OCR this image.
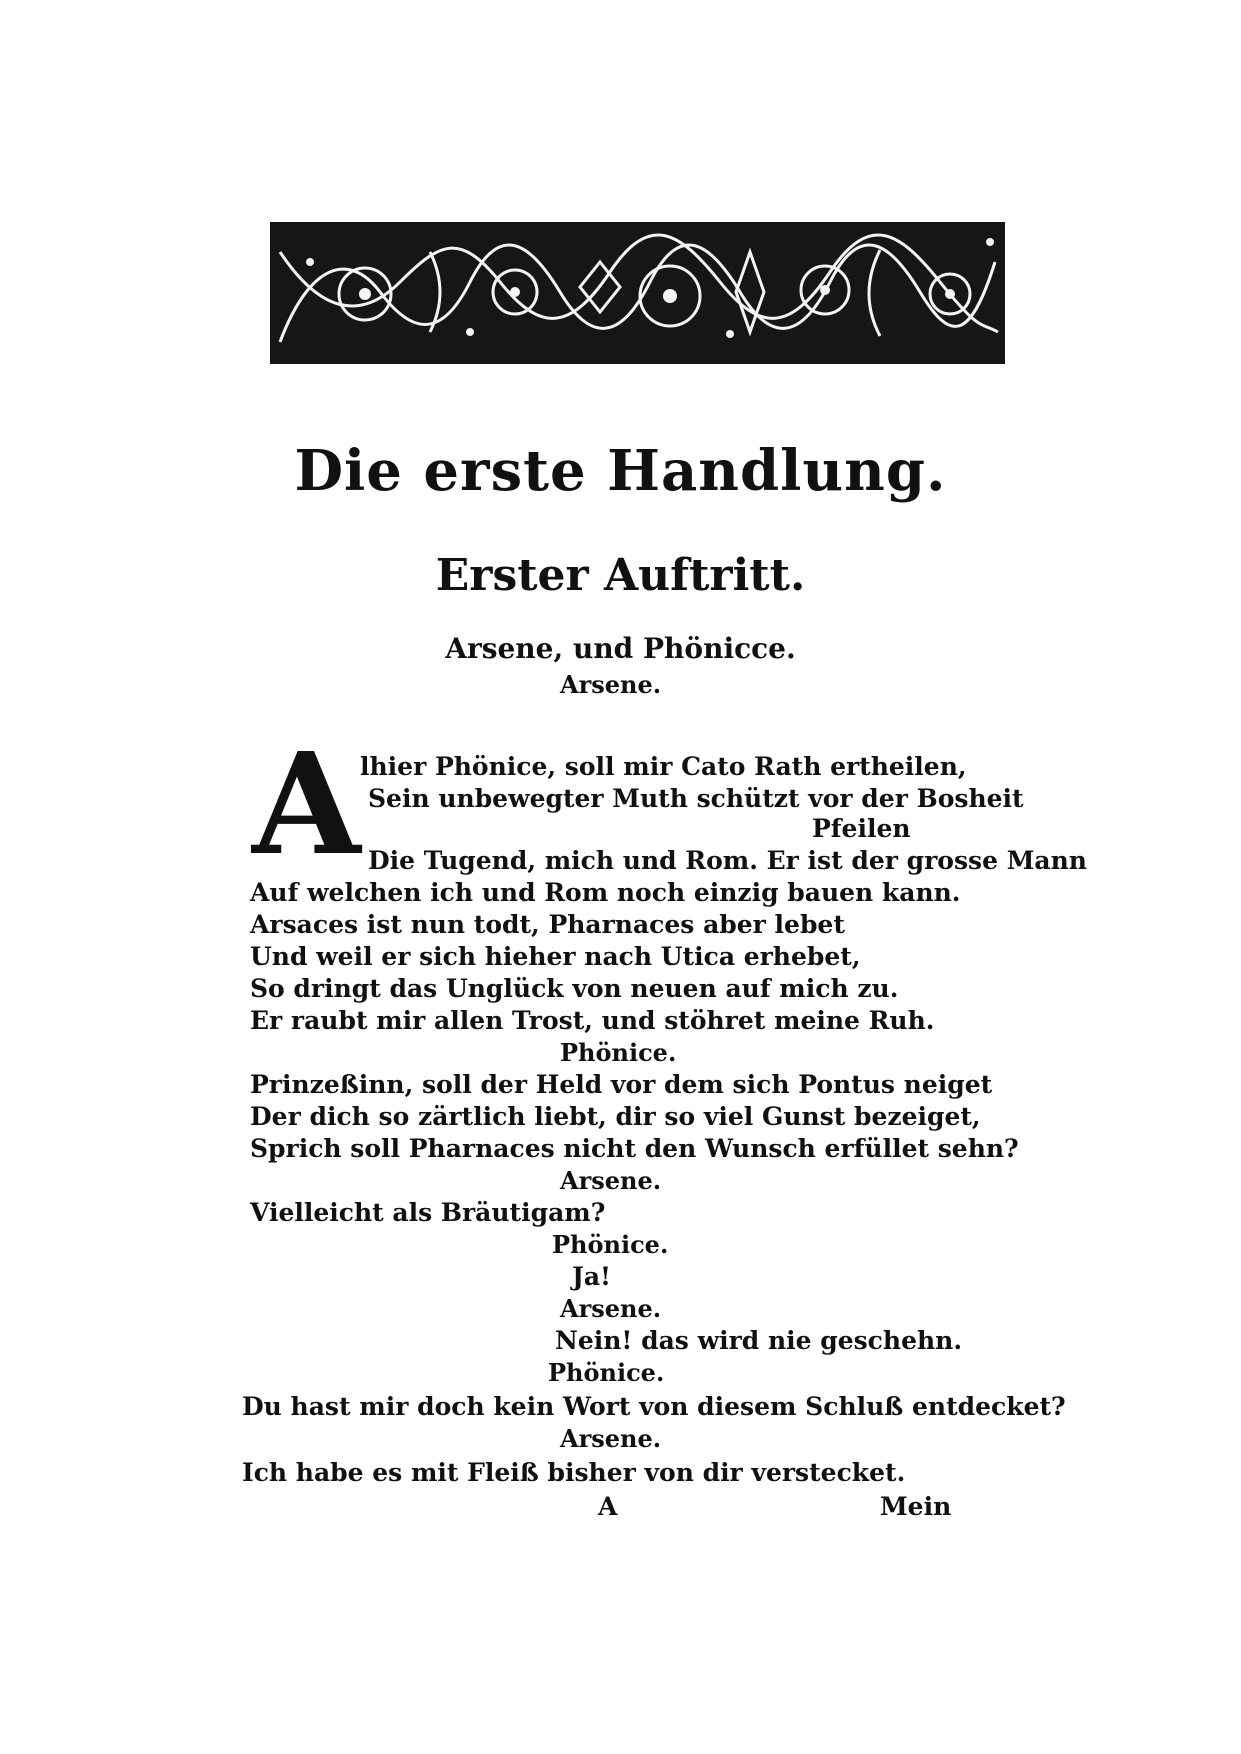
Die erste Handlung.
Erster Auftritt.
Arsene, und Phönicce.
Arsene.
A lhier Phönice, soll mir Cato Rath ertheilen,
Sein unbewegter Muth schützt vor der Bosheit
Pfeilen
Die Tugend, mich und Rom. Er ist der grosse Mann
Auf welchen ich und Rom noch einzig bauen kann.
Arsaces ist nun todt, Pharnaces aber lebet
Und weil er sich hieher nach Utica erhebet,
So dringt das Unglück von neuen auf mich zu.
Er raubt mir allen Trost, und stöhret meine Ruh.
Phönice.
Prinzeßinn, soll der Held vor dem sich Pontus neiget
Der dich so zärtlich liebt, dir so viel Gunst bezeiget,
Sprich soll Pharnaces nicht den Wunsch erfüllet sehn?
Arsene.
Vielleicht als Bräutigam?
Phönice.
Ja!
Arsene.
Nein! das wird nie geschehn.
Phönice.
Du hast mir doch kein Wort von diesem Schluß entdecket?
Arsene.
Ich habe es mit Fleiß bisher von dir verstecket.
A	Mein
